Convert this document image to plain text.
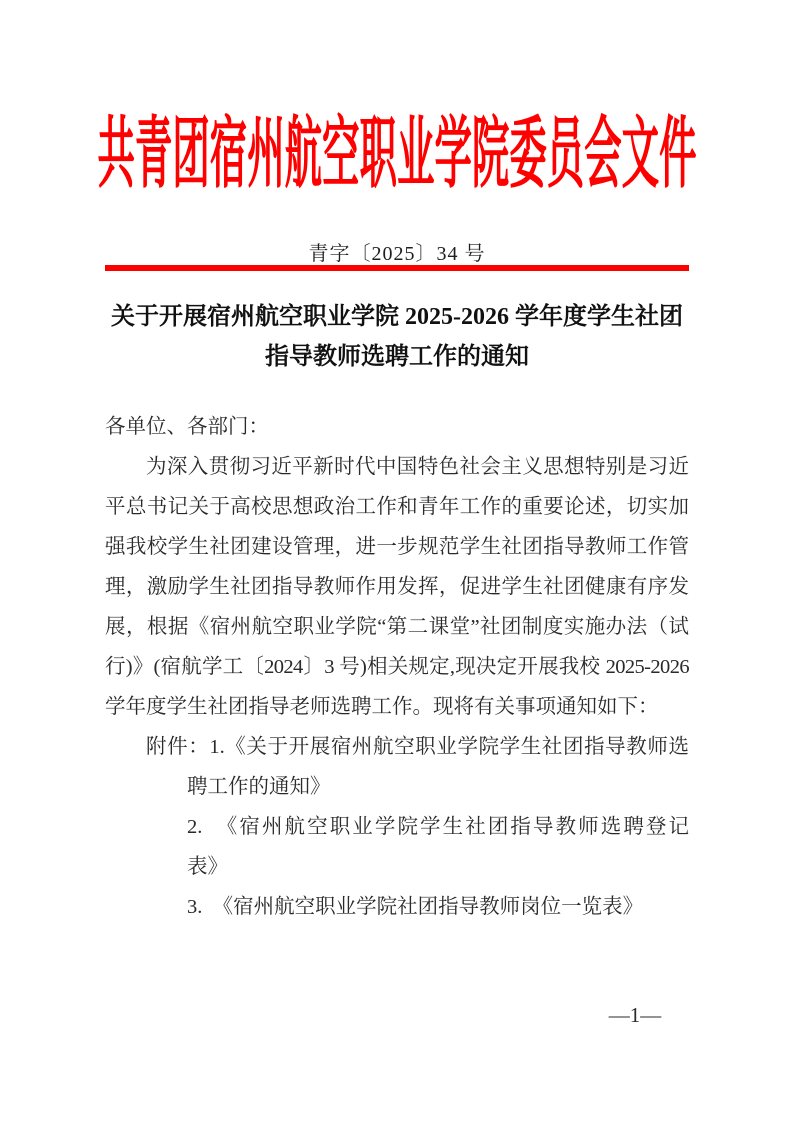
共青团宿州航空职业学院委员会文件
青字〔2025〕34 号
关于开展宿州航空职业学院 2025-2026 学年度学生社团
指导教师选聘工作的通知
各单位、各部门：
为深入贯彻习近平新时代中国特色社会主义思想特别是习近
平总书记关于高校思想政治工作和青年工作的重要论述，切实加
强我校学生社团建设管理，进一步规范学生社团指导教师工作管
理，激励学生社团指导教师作用发挥，促进学生社团健康有序发
展，根据《宿州航空职业学院“第二课堂”社团制度实施办法（试
行)》(宿航学工〔2024〕3 号)相关规定,现决定开展我校 2025-2026
学年度学生社团指导老师选聘工作。现将有关事项通知如下：
附件：1.《关于开展宿州航空职业学院学生社团指导教师选
聘工作的通知》
2.　《宿州航空职业学院学生社团指导教师选聘登记
表》
3.　《宿州航空职业学院社团指导教师岗位一览表》
—1—
